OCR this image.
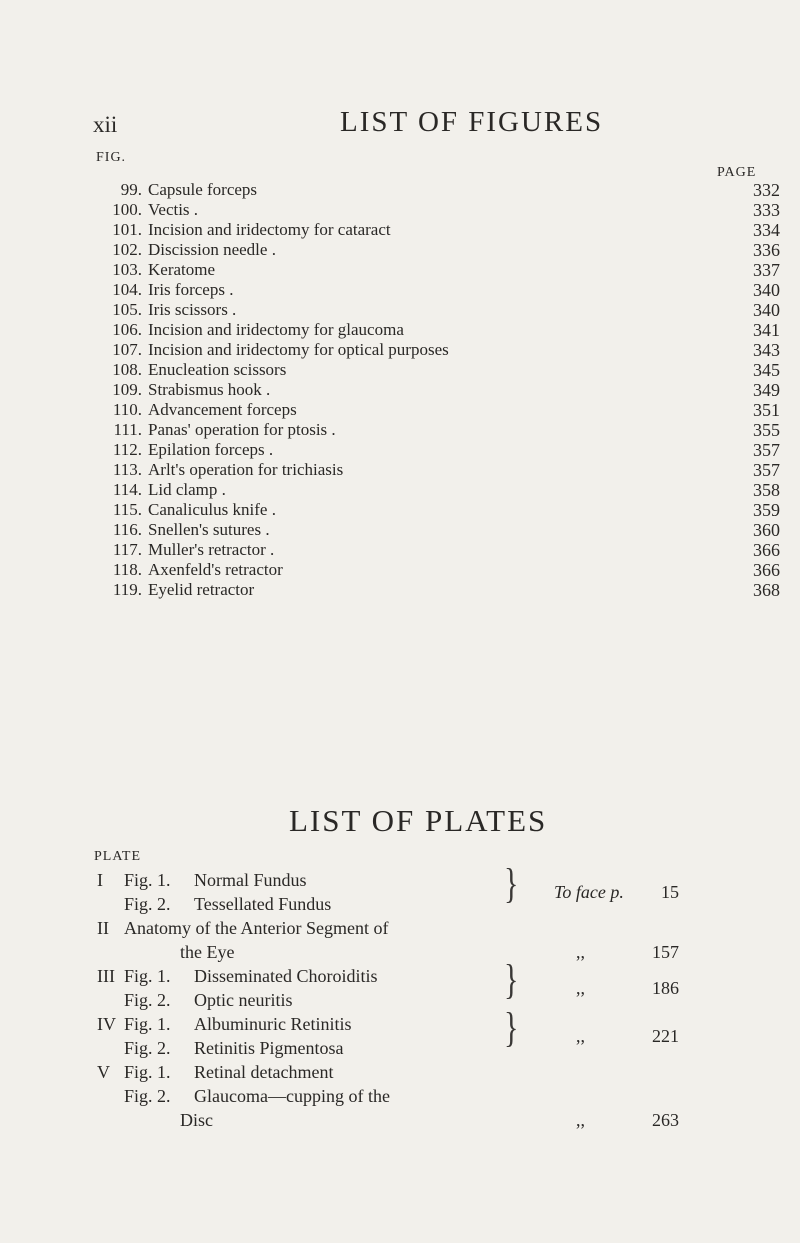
xii	LIST OF FIGURES
FIG.
PAGE
99. Capsule forceps	332
100. Vectis .	333
101. Incision and iridectomy for cataract	334
102. Discission needle .	336
103. Keratome	337
104. Iris forceps .	340
105. Iris scissors .	340
106. Incision and iridectomy for glaucoma	341
107. Incision and iridectomy for optical purposes	343
108. Enucleation scissors	345
109. Strabismus hook .	349
110. Advancement forceps	351
111. Panas' operation for ptosis .	355
112. Epilation forceps .	357
113. Arlt's operation for trichiasis	357
114. Lid clamp .	358
115. Canaliculus knife .	359
116. Snellen's sutures .	360
117. Muller's retractor .	366
118. Axenfeld's retractor	366
119. Eyelid retractor	368
LIST OF PLATES
PLATE
I	Fig. 1. Normal Fundus
Fig. 2. Tessellated Fundus	} To face p.	15
II Anatomy of the Anterior Segment of
the Eye	,,	157
III Fig. 1. Disseminated Choroiditis
Fig. 2. Optic neuritis	}	,,	186
IV Fig. 1. Albuminuric Retinitis
Fig. 2. Retinitis Pigmentosa	}	,,	221
V Fig. 1. Retinal detachment
Fig. 2. Glaucoma—cupping of the
Disc	,,	263
